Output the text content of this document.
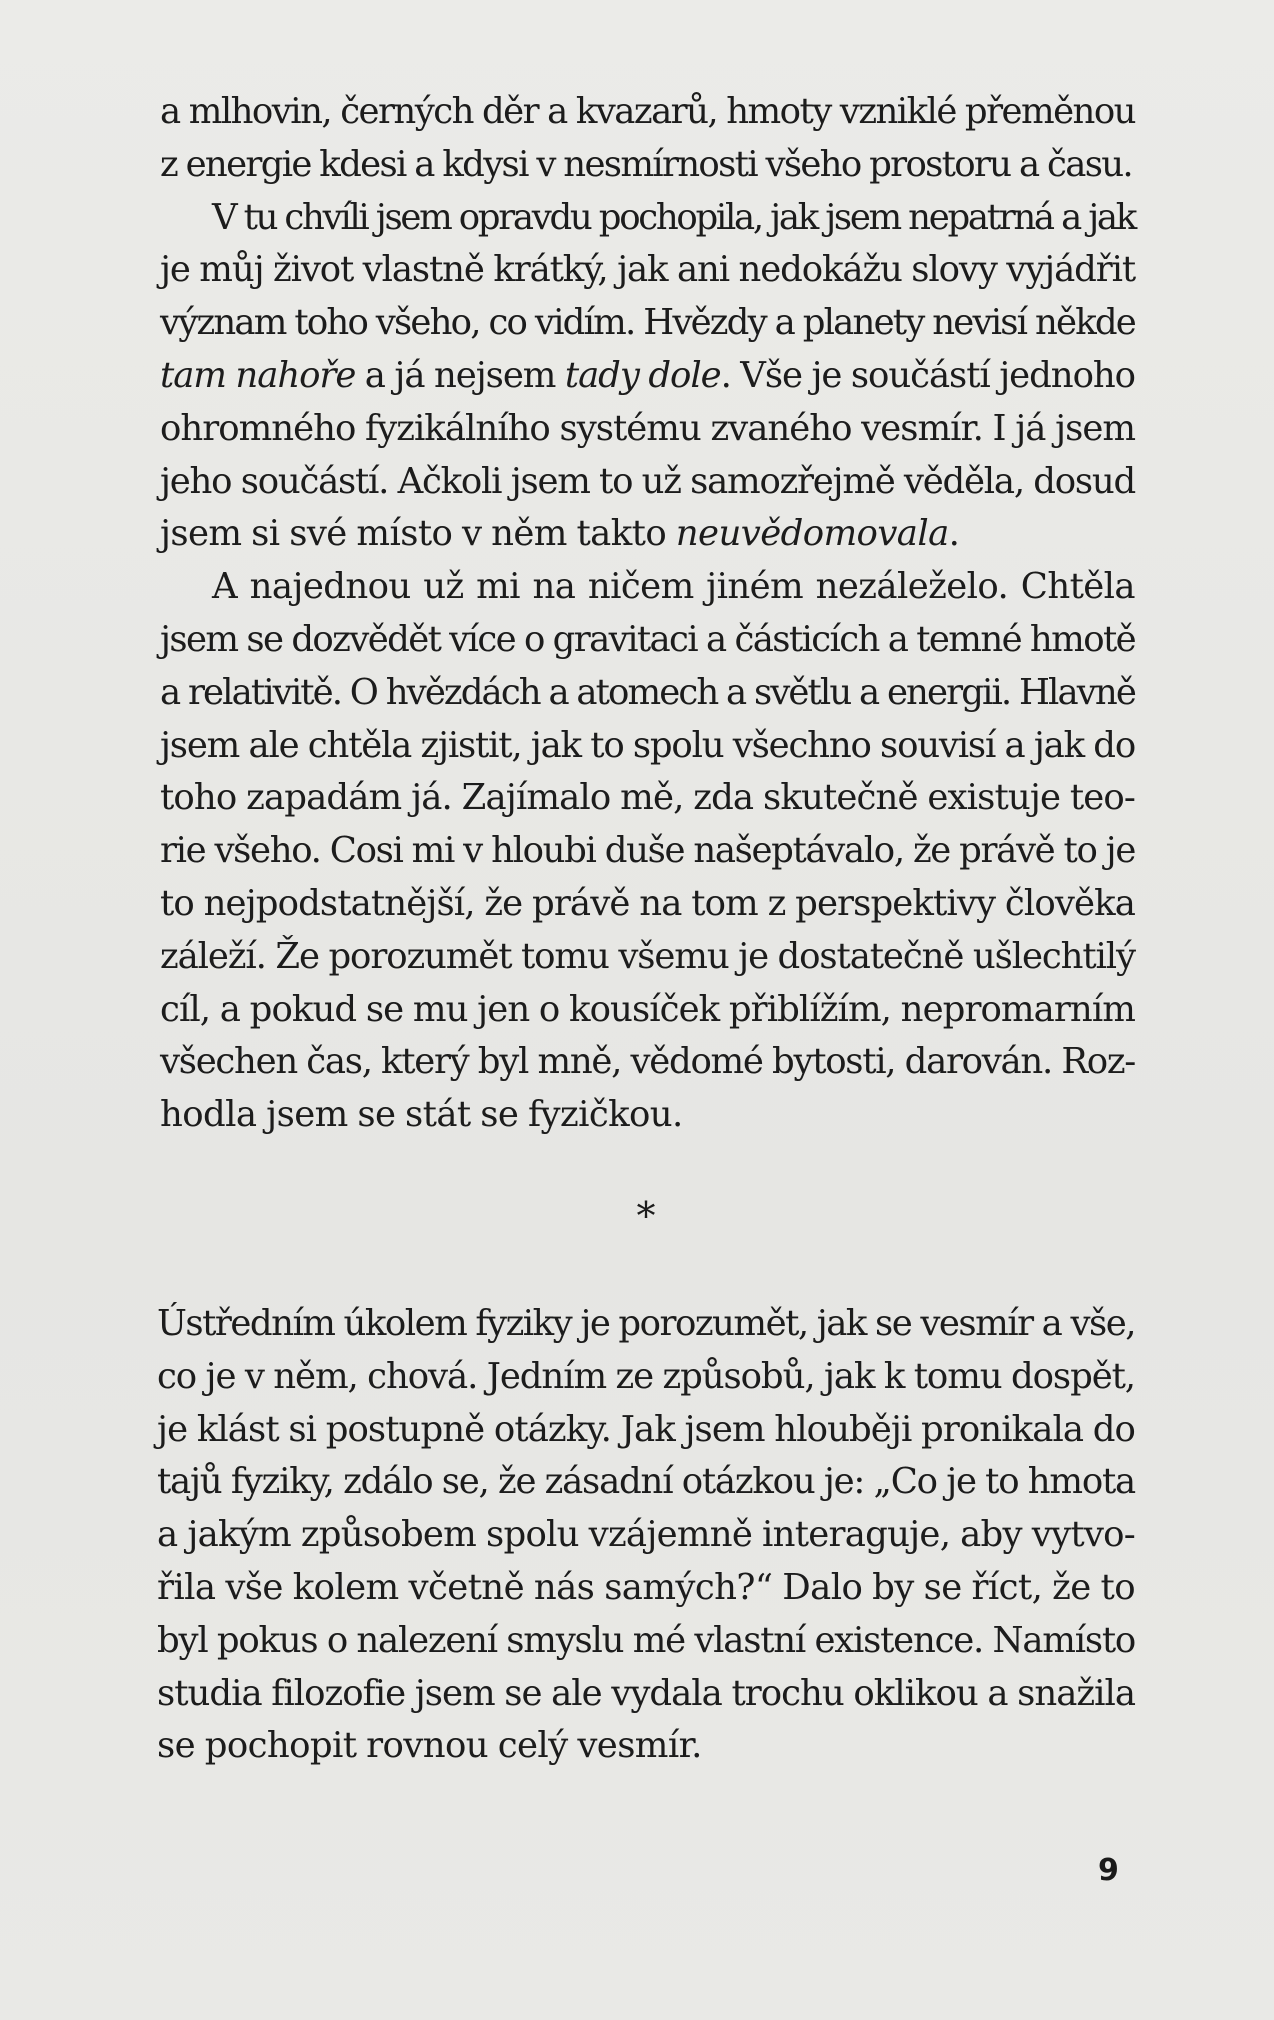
a mlhovin, černých děr a kvazarů, hmoty vzniklé přeměnou
z energie kdesi a kdysi v nesmírnosti všeho prostoru a času.

V tu chvíli jsem opravdu pochopila, jak jsem nepatrná a jak
je můj život vlastně krátký, jak ani nedokážu slovy vyjádřit
význam toho všeho, co vidím. Hvězdy a planety nevisí někde
tam nahoře a já nejsem tady dole. Vše je součástí jednoho
ohromného fyzikálního systému zvaného vesmír. I já jsem
jeho součástí. Ačkoli jsem to už samozřejmě věděla, dosud
jsem si své místo v něm takto neuvědomovala.

A najednou už mi na ničem jiném nezáleželo. Chtěla
jsem se dozvědět více o gravitaci a částicích a temné hmotě
a relativitě. O hvězdách a atomech a světlu a energii. Hlavně
jsem ale chtěla zjistit, jak to spolu všechno souvisí a jak do
toho zapadám já. Zajímalo mě, zda skutečně existuje teo-
rie všeho. Cosi mi v hloubi duše našeptávalo, že právě to je
to nejpodstatnější, že právě na tom z perspektivy člověka
záleží. Že porozumět tomu všemu je dostatečně ušlechtilý
cíl, a pokud se mu jen o kousíček přiblížím, nepromarním
všechen čas, který byl mně, vědomé bytosti, darován. Roz-
hodla jsem se stát se fyzičkou.

*

Ústředním úkolem fyziky je porozumět, jak se vesmír a vše,
co je v něm, chová. Jedním ze způsobů, jak k tomu dospět,
je klást si postupně otázky. Jak jsem hlouběji pronikala do
tajů fyziky, zdálo se, že zásadní otázkou je: „Co je to hmota
a jakým způsobem spolu vzájemně interaguje, aby vytvo-
řila vše kolem včetně nás samých?“ Dalo by se říct, že to
byl pokus o nalezení smyslu mé vlastní existence. Namísto
studia filozofie jsem se ale vydala trochu oklikou a snažila
se pochopit rovnou celý vesmír.

9
